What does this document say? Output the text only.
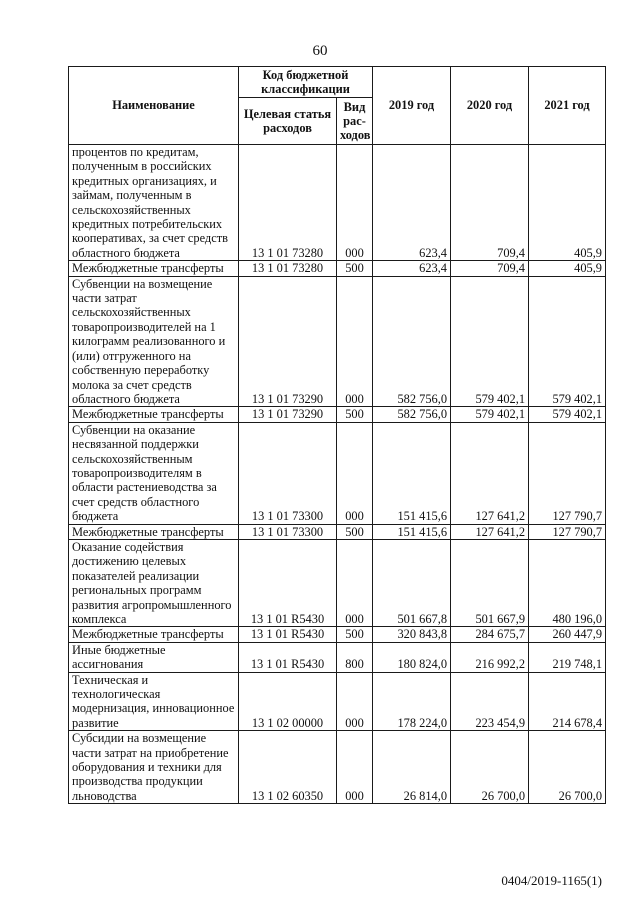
60
Наименование	Код бюджетной классификации		2019 год	2020 год	2021 год
	Целевая статья расходов	Вид рас-ходов			
процентов по кредитам, полученным в российских кредитных организациях, и займам, полученным в сельскохозяйственных кредитных потребительских кооперативах, за счет средств областного бюджета	13 1 01 73280	000	623,4	709,4	405,9
Межбюджетные трансферты	13 1 01 73280	500	623,4	709,4	405,9
Субвенции на возмещение части затрат сельскохозяйственных товаропроизводителей на 1 килограмм реализованного и (или) отгруженного на собственную переработку молока за счет средств областного бюджета	13 1 01 73290	000	582 756,0	579 402,1	579 402,1
Межбюджетные трансферты	13 1 01 73290	500	582 756,0	579 402,1	579 402,1
Субвенции на оказание несвязанной поддержки сельскохозяйственным товаропроизводителям в области растениеводства за счет средств областного бюджета	13 1 01 73300	000	151 415,6	127 641,2	127 790,7
Межбюджетные трансферты	13 1 01 73300	500	151 415,6	127 641,2	127 790,7
Оказание содействия достижению целевых показателей реализации региональных программ развития агропромышленного комплекса	13 1 01 R5430	000	501 667,8	501 667,9	480 196,0
Межбюджетные трансферты	13 1 01 R5430	500	320 843,8	284 675,7	260 447,9
Иные бюджетные ассигнования	13 1 01 R5430	800	180 824,0	216 992,2	219 748,1
Техническая и технологическая модернизация, инновационное развитие	13 1 02 00000	000	178 224,0	223 454,9	214 678,4
Субсидии на возмещение части затрат на приобретение оборудования и техники для производства продукции льноводства	13 1 02 60350	000	26 814,0	26 700,0	26 700,0
0404/2019-1165(1)
